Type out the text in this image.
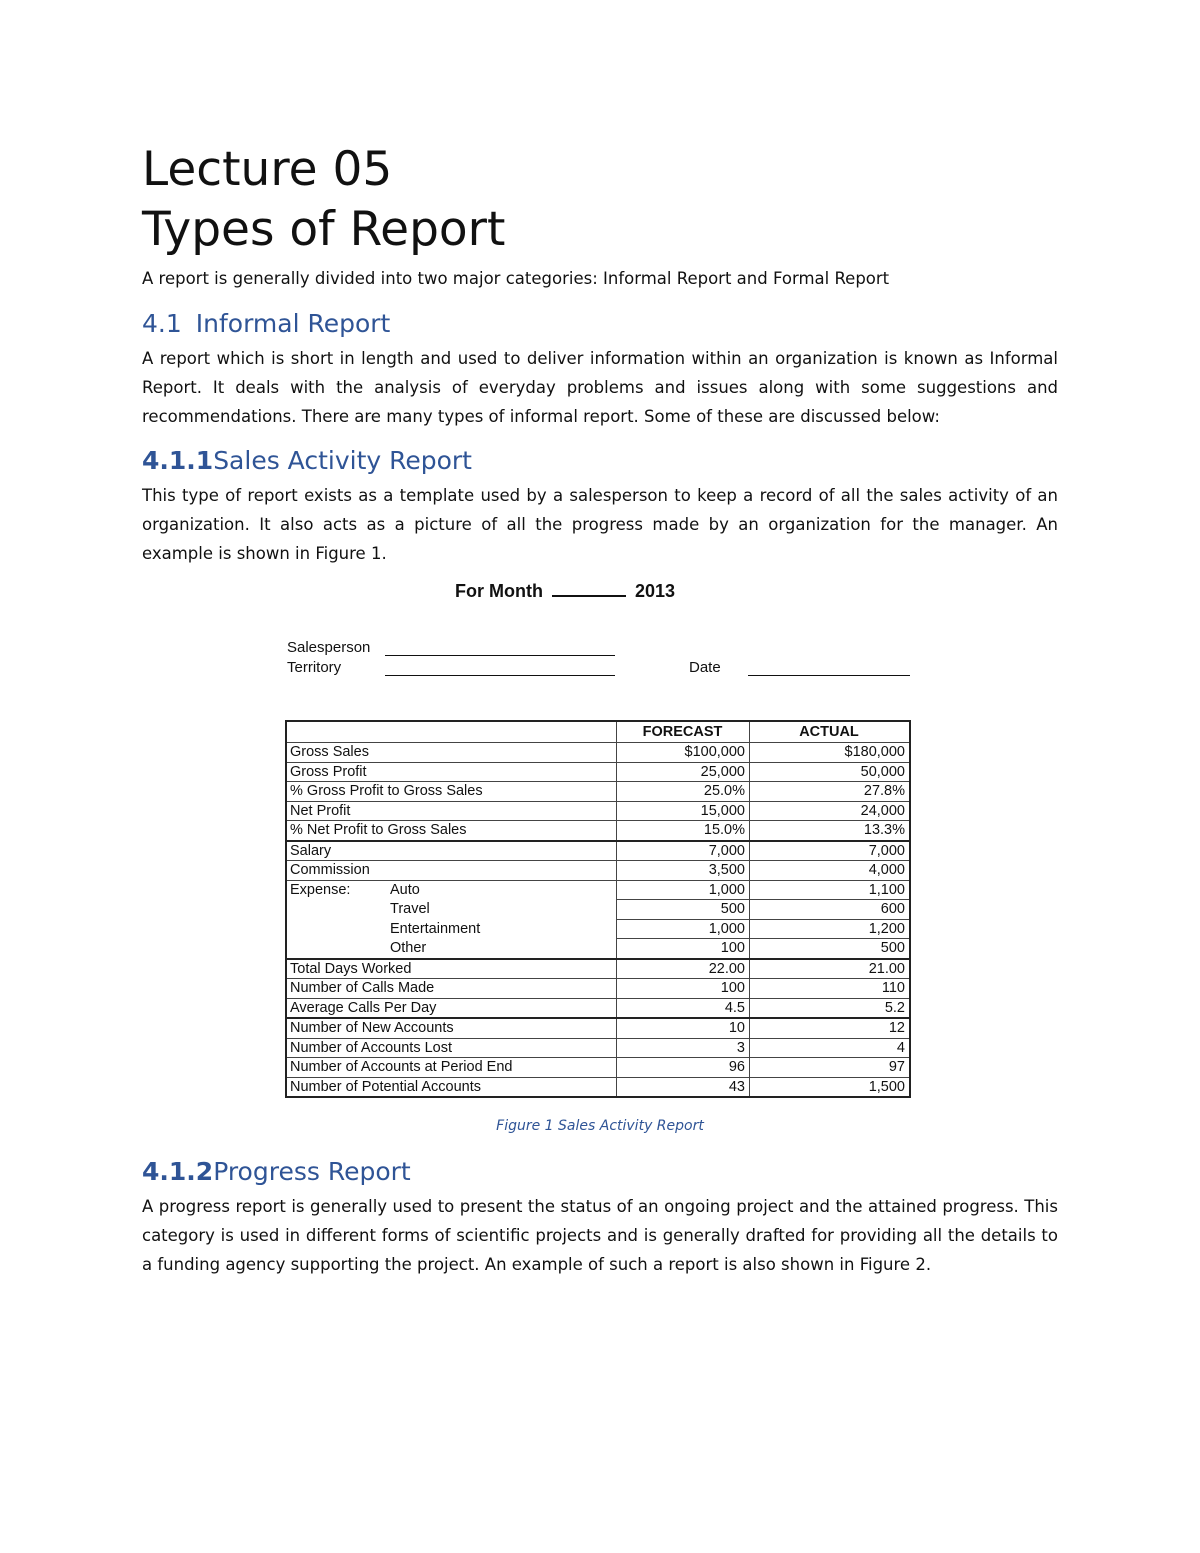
Lecture 05
Types of Report

A report is generally divided into two major categories: Informal Report and Formal Report

4.1 Informal Report

A report which is short in length and used to deliver information within an organization is known as Informal Report. It deals with the analysis of everyday problems and issues along with some suggestions and recommendations. There are many types of informal report. Some of these are discussed below:

4.1.1Sales Activity Report

This type of report exists as a template used by a salesperson to keep a record of all the sales activity of an organization. It also acts as a picture of all the progress made by an organization for the manager. An example is shown in Figure 1.

For Month	2013
Salesperson
Territory	Date
	FORECAST	ACTUAL
Gross Sales	$100,000	$180,000
Gross Profit	25,000	50,000
% Gross Profit to Gross Sales	25.0%	27.8%
Net Profit	15,000	24,000
% Net Profit to Gross Sales	15.0%	13.3%
Salary	7,000	7,000
Commission	3,500	4,000
Expense: Auto	1,000	1,100
Travel	500	600
Entertainment	1,000	1,200
Other	100	500
Total Days Worked	22.00	21.00
Number of Calls Made	100	110
Average Calls Per Day	4.5	5.2
Number of New Accounts	10	12
Number of Accounts Lost	3	4
Number of Accounts at Period End	96	97
Number of Potential Accounts	43	1,500
Figure 1 Sales Activity Report
4.1.2Progress Report

A progress report is generally used to present the status of an ongoing project and the attained progress. This category is used in different forms of scientific projects and is generally drafted for providing all the details to a funding agency supporting the project. An example of such a report is also shown in Figure 2.
